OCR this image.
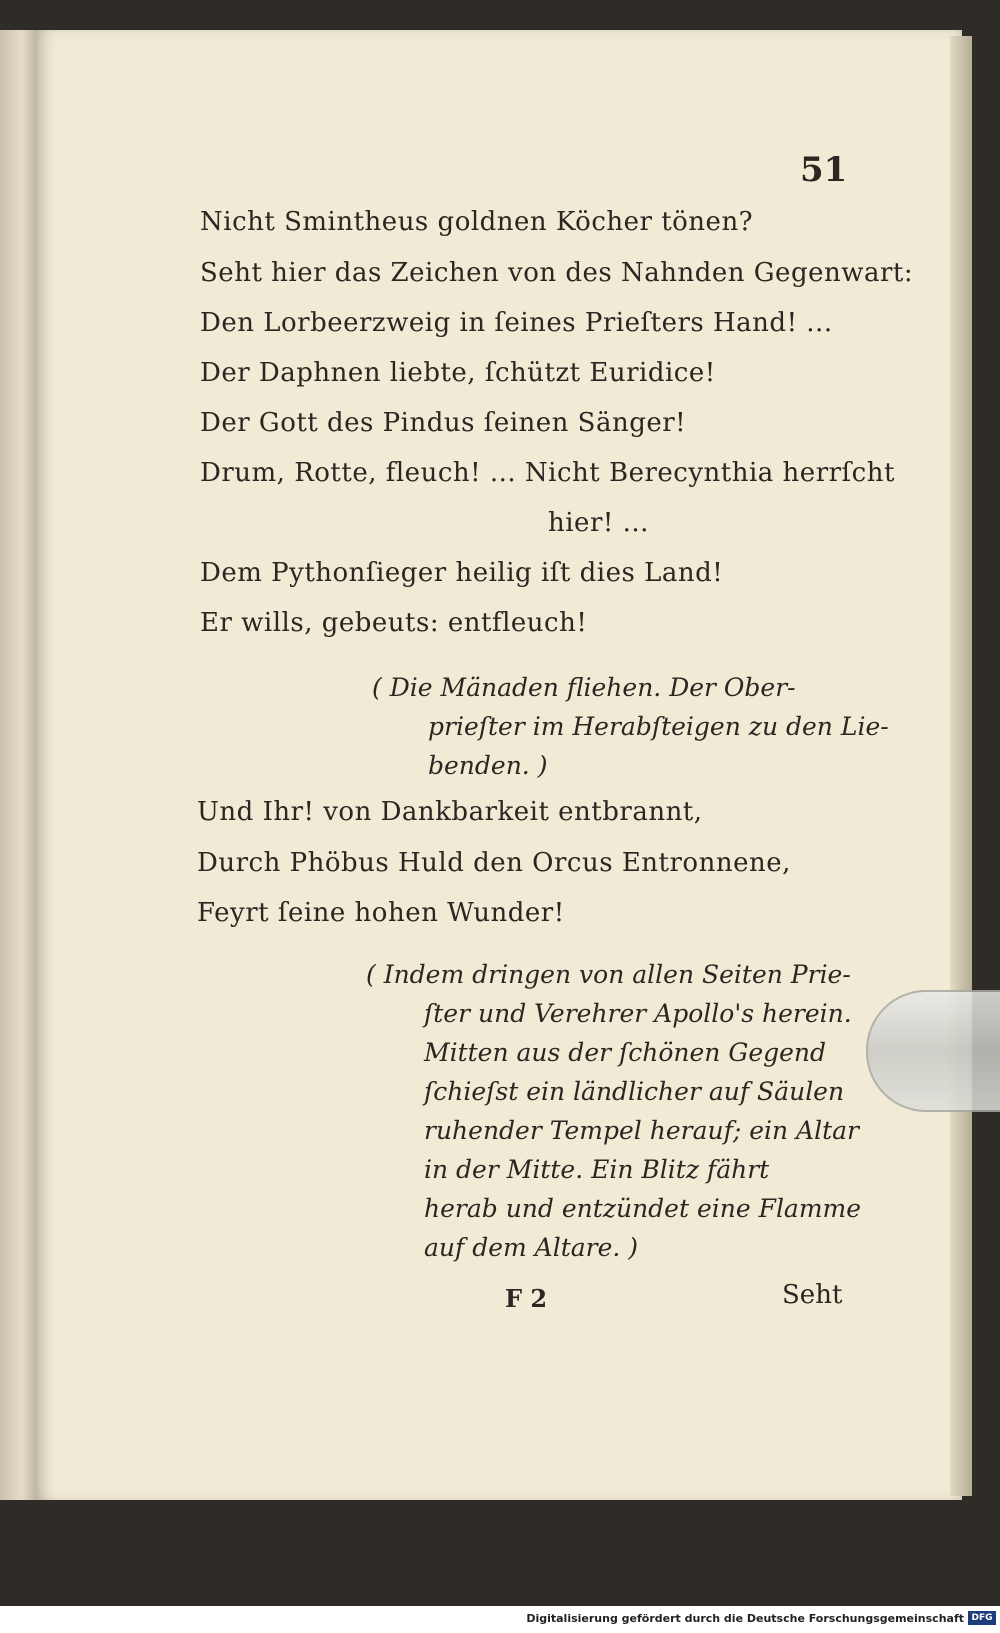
51
Nicht Smintheus goldnen Köcher tönen?
Seht hier das Zeichen von des Nahnden Gegenwart:
Den Lorbeerzweig in ſeines Prieſters Hand! ...
Der Daphnen liebte, ſchützt Euridice!
Der Gott des Pindus ſeinen Sänger!
Drum, Rotte, fleuch! ... Nicht Berecynthia herrſcht
hier! ...
Dem Pythonſieger heilig iſt dies Land!
Er wills, gebeuts: entfleuch!
( Die Mänaden fliehen. Der Ober-
prieſter im Herabſteigen zu den Lie-
benden. )
Und Ihr! von Dankbarkeit entbrannt,
Durch Phöbus Huld den Orcus Entronnene,
Feyrt ſeine hohen Wunder!
( Indem dringen von allen Seiten Prie-
ſter und Verehrer Apollo's herein.
Mitten aus der ſchönen Gegend
ſchieſst ein ländlicher auf Säulen
ruhender Tempel herauf; ein Altar
in der Mitte. Ein Blitz fährt
herab und entzündet eine Flamme
auf dem Altare. )
F 2	Seht
Digitalisierung gefördert durch die Deutsche Forschungsgemeinschaft DFG
